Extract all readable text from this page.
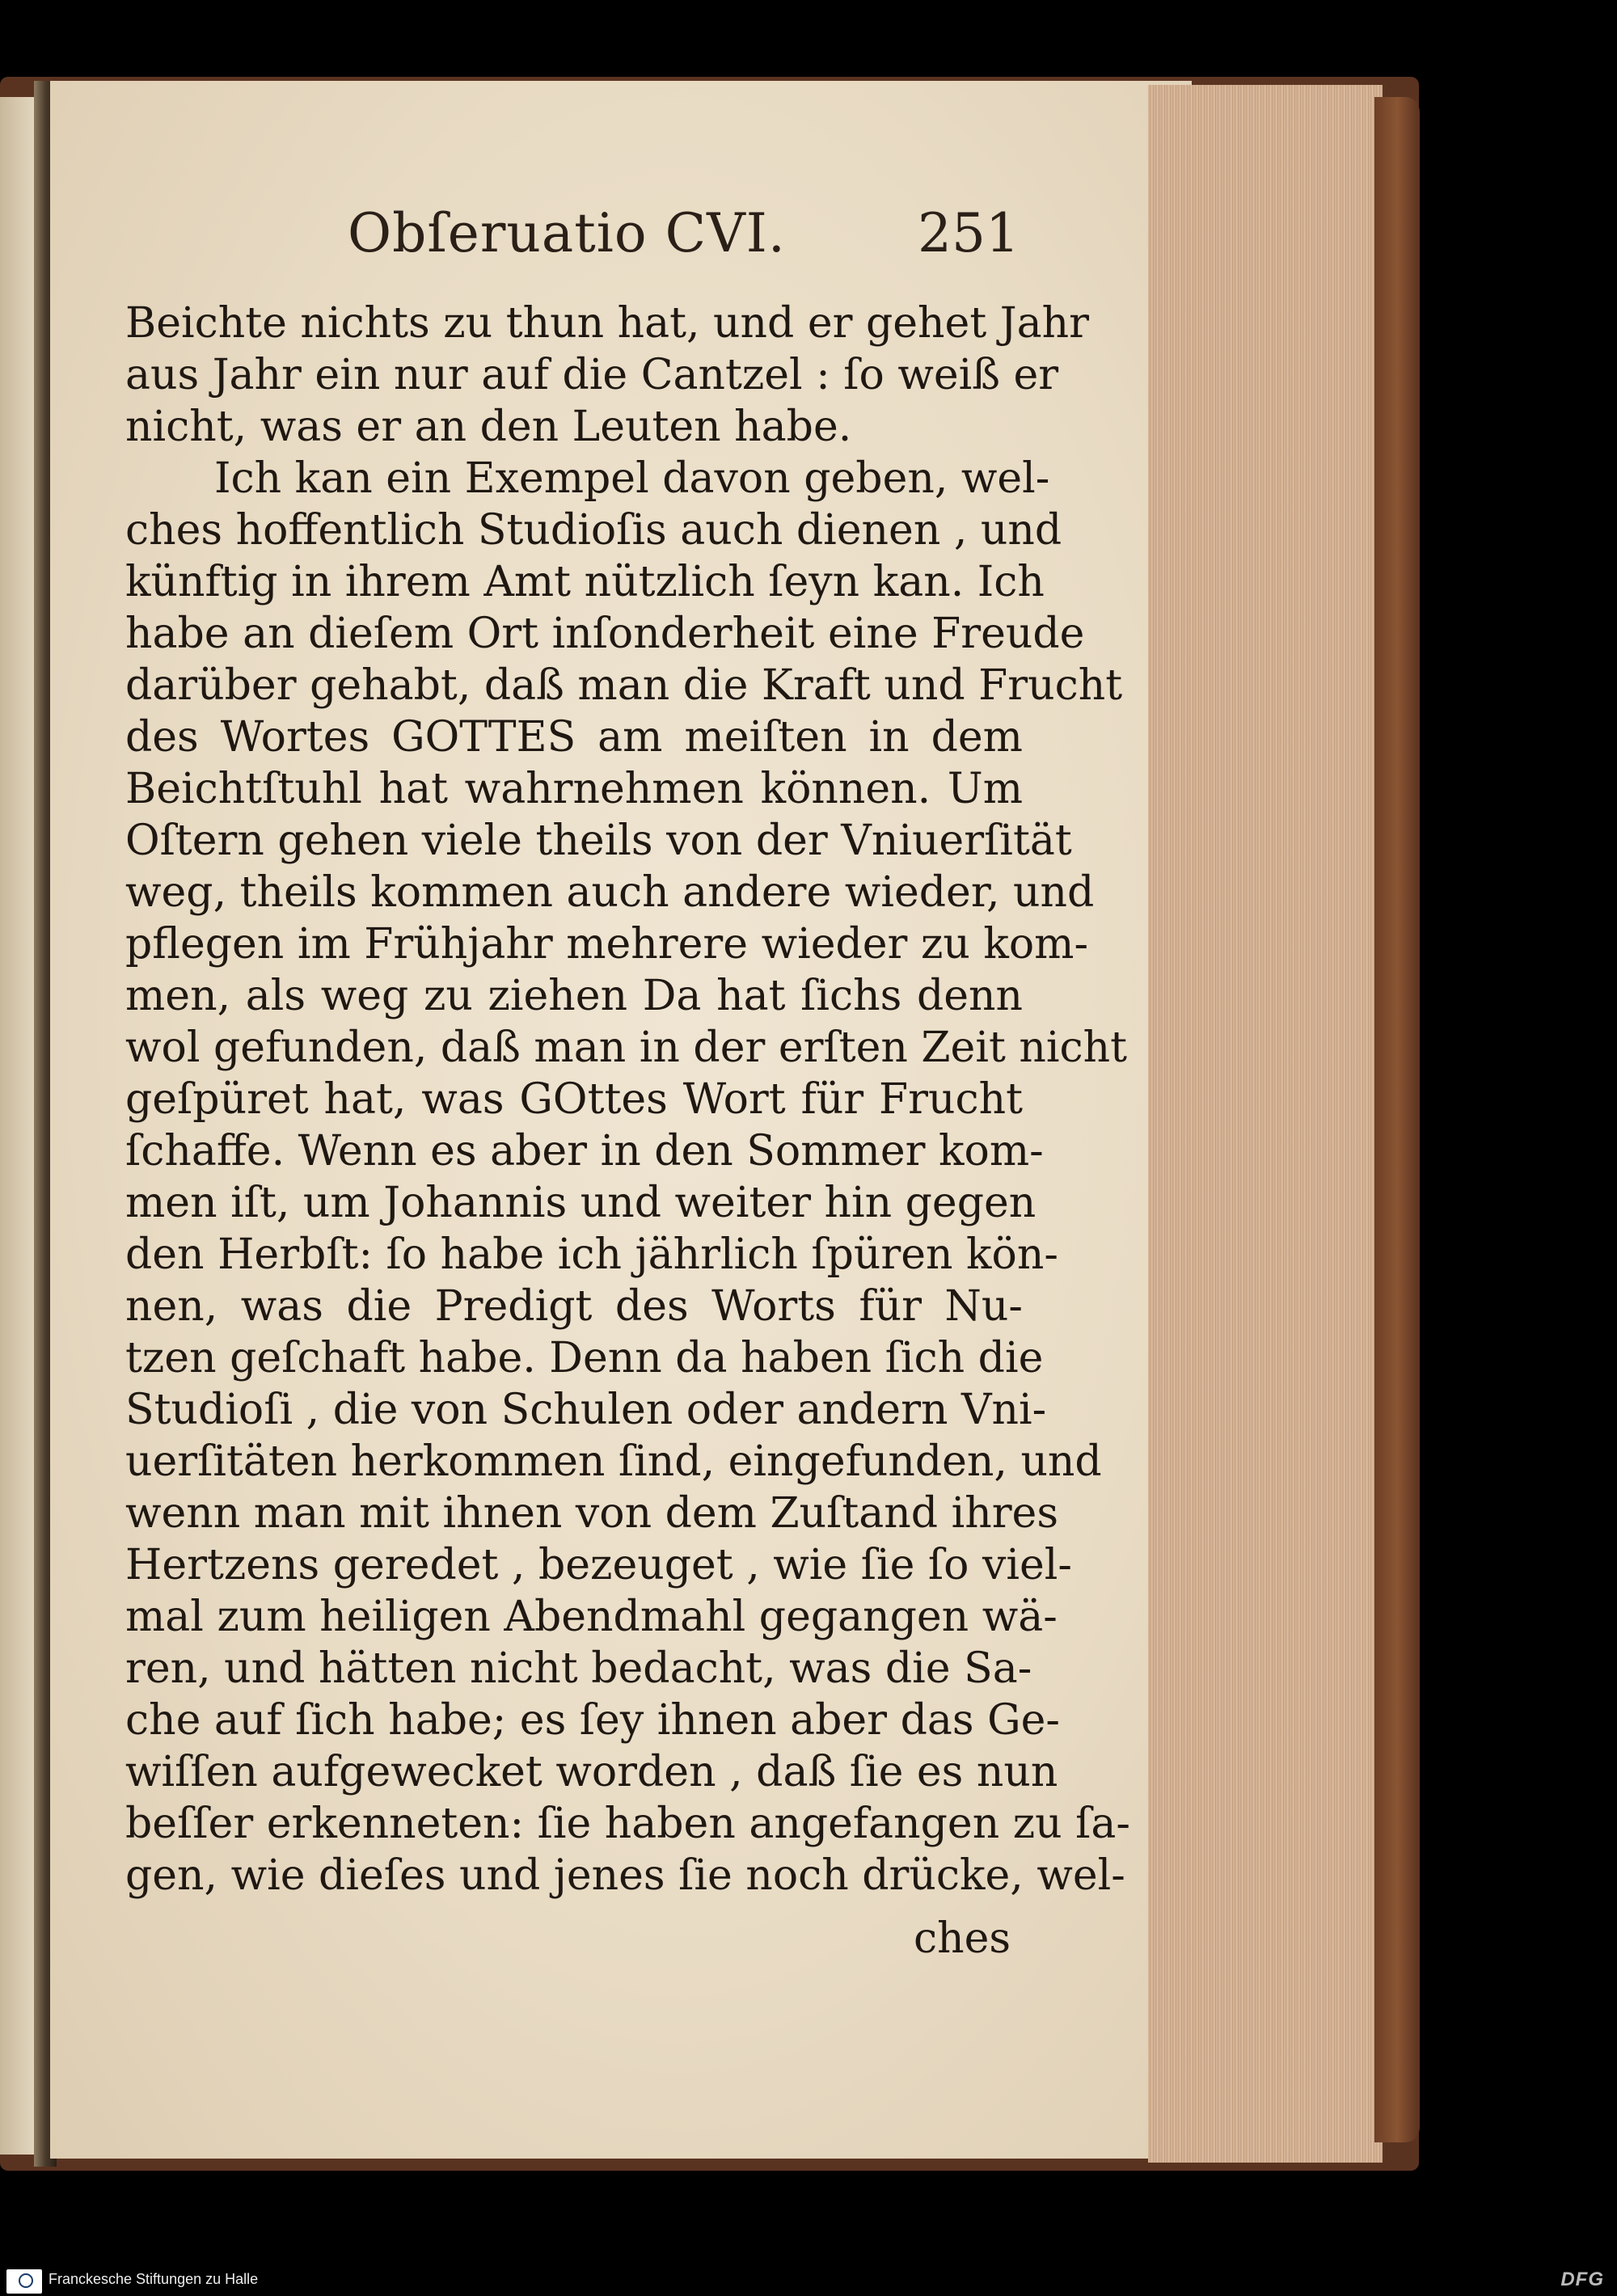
Obſeruatio CVI. 251
Beichte nichts zu thun hat, und er gehet Jahr
aus Jahr ein nur auf die Cantzel : ſo weiß er
nicht, was er an den Leuten habe.
Ich kan ein Exempel davon geben, wel-
ches hoffentlich Studioſis auch dienen , und
künftig in ihrem Amt nützlich ſeyn kan. Ich
habe an dieſem Ort inſonderheit eine Freude
darüber gehabt, daß man die Kraft und Frucht
des Wortes GOTTES am meiſten in dem
Beichtſtuhl hat wahrnehmen können. Um
Oſtern gehen viele theils von der Vniuerſität
weg, theils kommen auch andere wieder, und
pflegen im Frühjahr mehrere wieder zu kom-
men, als weg zu ziehen Da hat ſichs denn
wol gefunden, daß man in der erſten Zeit nicht
geſpüret hat, was GOttes Wort für Frucht
ſchaffe. Wenn es aber in den Sommer kom-
men iſt, um Johannis und weiter hin gegen
den Herbſt: ſo habe ich jährlich ſpüren kön-
nen, was die Predigt des Worts für Nu-
tzen geſchaft habe. Denn da haben ſich die
Studioſi , die von Schulen oder andern Vni-
uerſitäten herkommen ſind, eingefunden, und
wenn man mit ihnen von dem Zuſtand ihres
Hertzens geredet , bezeuget , wie ſie ſo viel-
mal zum heiligen Abendmahl gegangen wä-
ren, und hätten nicht bedacht, was die Sa-
che auf ſich habe; es ſey ihnen aber das Ge-
wiſſen aufgewecket worden , daß ſie es nun
beſſer erkenneten: ſie haben angefangen zu ſa-
gen, wie dieſes und jenes ſie noch drücke, wel-
ches
Franckesche Stiftungen zu Halle	DFG
